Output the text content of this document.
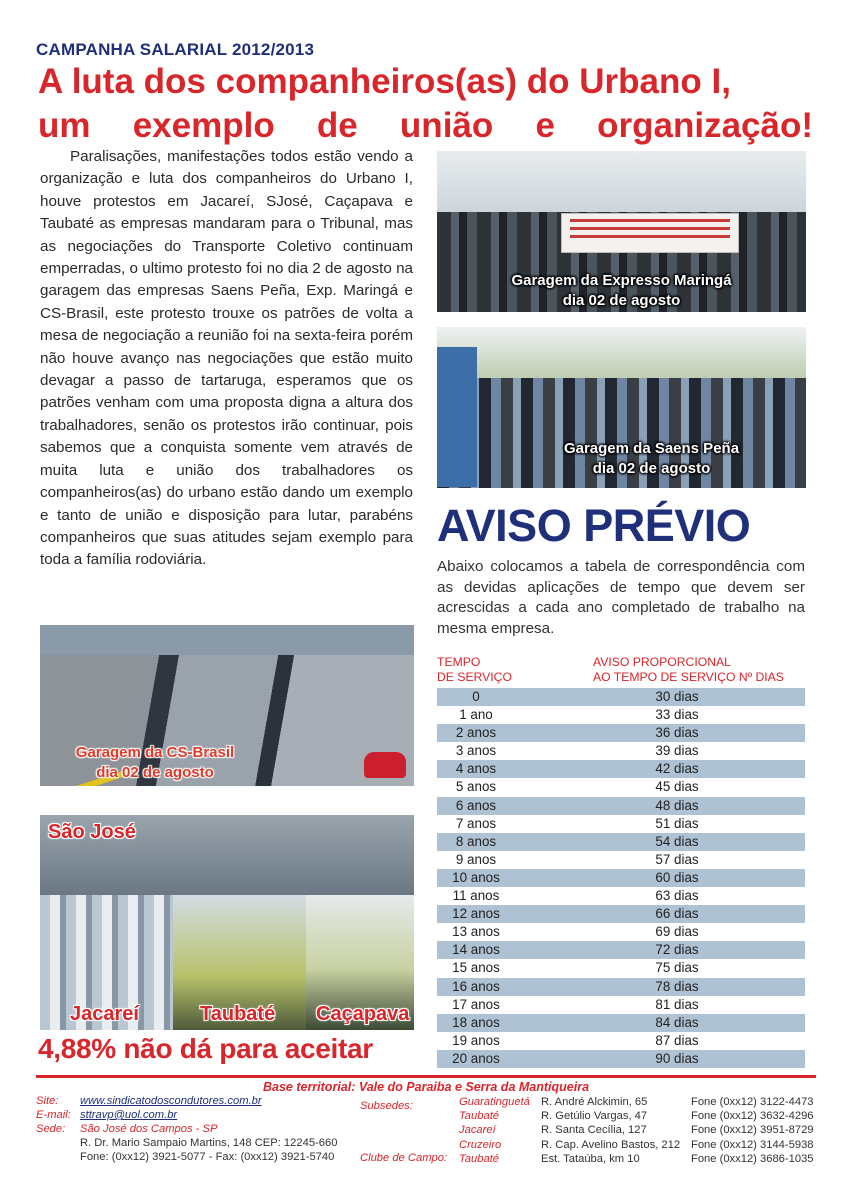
CAMPANHA SALARIAL 2012/2013
A luta dos companheiros(as) do Urbano I,
um exemplo de união e organização!

Paralisações, manifestações todos estão vendo a organização e luta dos companheiros do Urbano I, houve protestos em Jacareí, SJosé, Caçapava e Taubaté as empresas mandaram para o Tribunal, mas as negociações do Transporte Coletivo continuam emperradas, o ultimo protesto foi no dia 2 de agosto na garagem das empresas Saens Peña, Exp. Maringá e CS-Brasil, este protesto trouxe os patrões de volta a mesa de negociação a reunião foi na sexta-feira porém não houve avanço nas negociações que estão muito devagar a passo de tartaruga, esperamos que os patrões venham com uma proposta digna a altura dos trabalhadores, senão os protestos irão continuar, pois sabemos que a conquista somente vem através de muita luta e união dos trabalhadores os companheiros(as) do urbano estão dando um exemplo e tanto de união e disposição para lutar, parabéns companheiros que suas atitudes sejam exemplo para toda a família rodoviária.

Garagem da Expresso Maringá
dia 02 de agosto
Garagem da Saens Peña
dia 02 de agosto
Garagem da CS-Brasil
dia 02 de agosto
São José
Jacareí	Taubaté Caçapava
4,88% não dá para aceitar
AVISO PRÉVIO

Abaixo colocamos a tabela de correspondência com as devidas aplicações de tempo que devem ser acrescidas a cada ano completado de trabalho na mesma empresa.

TEMPO
DE SERVIÇO
AVISO PROPORCIONAL
AO TEMPO DE SERVIÇO Nº DIAS
0	30 dias
1 ano	33 dias
2 anos	36 dias
3 anos	39 dias
4 anos	42 dias
5 anos	45 dias
6 anos	48 dias
7 anos	51 dias
8 anos	54 dias
9 anos	57 dias
10 anos	60 dias
11 anos	63 dias
12 anos	66 dias
13 anos	69 dias
14 anos	72 dias
15 anos	75 dias
16 anos	78 dias
17 anos	81 dias
18 anos	84 dias
19 anos	87 dias
20 anos	90 dias
Base territorial: Vale do Paraiba e Serra da Mantiqueira
Site: www.sindicatodoscondutores.com.br
E-mail: sttravp@uol.com.br
Sede: São José dos Campos - SP
R. Dr. Mario Sampaio Martins, 148 CEP: 12245-660
Fone: (0xx12) 3921-5077 - Fax: (0xx12) 3921-5740
Subsedes:
Clube de Campo:
Guaratinguetá R. André Alckimin, 65	Fone (0xx12) 3122-4473
Taubaté	R. Getúlio Vargas, 47	Fone (0xx12) 3632-4296
Jacareí	R. Santa Cecília, 127	Fone (0xx12) 3951-8729
Cruzeiro	R. Cap. Avelino Bastos, 212 Fone (0xx12) 3144-5938
Taubaté	Est. Tataúba, km 10	Fone (0xx12) 3686-1035
